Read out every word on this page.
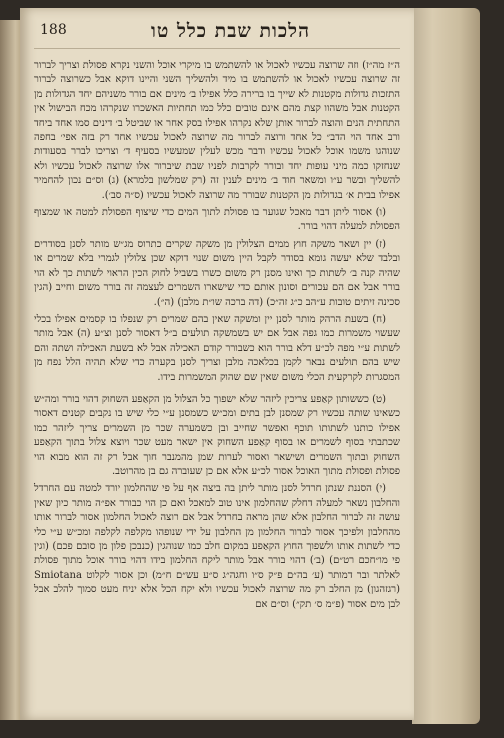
הלכות שבת כלל טו
188

ה״ז מה״ז) וזה שרוצה עכשיו לאכול או להשתמש בו מיקרי אוכל והשני נקרא פסולת וצריך לברור זה שרוצה עכשיו לאכול או להשתמש בו מיד ולהשליך השני והיינו דוקא אבל כשרוצה לברור התזכות גדולות מקטנות לא שייך בו ברירה כלל אפילו ב׳ מינים אם בורר משניהם יחד הגדולות מן הקטנות אבל משהוו קצת מהם אינם טובים כלל כמו תחתיות האשכרו שנקרהו מכח הבישול אין התחתית הנים והוצה לברור אותן שלא נקרהו אפילו בסק אחר או שביטל ב׳ דינים סמו אחד ביחד ורב אחד הוי הדב״ כל אחד ורוצה לברור מה שרוצה לאכול עכשיו אחד רק בזה אפי׳ בחפה שנוהגו משמו אוכל לאכול עכשיו ודבר מכש לעלין שמעשיו בסעיף ד׳ וצריכו לברר בסעודות שנחזקו כמה מיני עופות יחד ובורר לקרבות לפניו שבת שיברור אלו שרוצה לאכול עכשיו ולא להשליך ובשר ע״ו ומשאר חוד ב׳ מינים לענין זה (רק שמלשון בלמרא) (ג) וס״ם נכון להחמיר אפילו בבית א׳ בגדולות מן הקטנות שבורר מה שרוצה לאכול עכשיו (ס״ה סב׳).

(ו) אסור ליתן דבר מאכל שגוער בו פסולת לתוך המים כדי שיצוף הפסולת למטה או שמצוף הפסולת למעלה דהוי בורר.

(ז) יין ושאר משקה חוץ ממים הצלולין מן משקה שקרים כתרוס מג״ש מותר לסנן בסודרים ובלבד שלא יעשה גומא בסודר לקבל היין משום שנוי דוקא שכן צלולין לגמרי בלא שמרים או שהיה קנה ב׳ לשתות כך ואינו מסנן רק משום כשרו בשביל לחוק הכין הראוי לשתות כך לא הוי בורר אבל אם הם עכורים וסונון אותם כדי שישארו השמרים לעצמה זה בורר משום וחייב (הגין סכינה זיתים טובות ע״הב כ״ג זה״כ) (דה ברכה שו״ת מלבן) (ה״).

(ח) בשעת הרהק מותר לסנן יין ומשקה שאין בהם שמרים רק שנפלו בו קסמים אפילו בכלי שעשוי משמרות כמו גפה אבל אם יש בשמשקה תולעים ב״ל דאסור לסנן וצ״ע (ה) אבל מותר לשתות ע״י מפה לכ״ע דלא בורר הוא כשבורר קודם האכילה אבל לא בשעת האכילה ושתה והם שיש בהם תולעים נבאר לקמן בכלאכה מלבן וצריך לסנן בקערה כדי שלא תהיה הלל נפח מן המסגרות לקרקעית הכלי משום שאין שם שהוק המשמרות בידו.

(ט) כששותון קאַפע צריכין ליזהר שלא ישפוך כל הצלול מן הקאַפע השחוק דהוי בורר ומה״ש כשאינו שותה עכשיו רק שמסנן לבן בתים ומכ״ש כשמסנן ע״י כלי שיש בו נקבים קטנים דאסור אפילו כותנו לשתותו תוכף ואפשר שחייב ובן כשמערה שכר מן השמרים צריך ליזהר כמו שכתבתי בסוף לשמרים או בסוף קאַפע השחוק אין ישאר מעט שכר ויוצא צלול בתוך הקאַפע השחוק ובתוך השמרים ושישאר ואסור לערות שמן מהמנבר חוך אבל רק זה הוא מבוא הוי פסולת ופסולת מתוך האוכל אסור לכ״ע אלא אם כן שעוברה גם בן מהרוטב.

(י) הסננת שנתן חרדל לסנן מותר ליתן בה ביצה אף על פי שהחלמון יורד למטה עם החרדל והחלבון נשאר למעלה דחלק שהחלמון אינו טוב למאכל ואם כן הוי כבורר אפ״ה מותר כיון שאין עושה זה לברור החלבון אלא שהן מראה בחרדל אבל אם רוצה לאכול החלמון אסור לברור אותו מהחלבון ולפיכך אסור לברור החלמון מן החלבון על ידי שנופהו מקלפה לקלפה ומכ״ש ע״י כלי כדי לשתות אותו ולשפוך החוץ הקאַפע במקום חלב כמו שנוהגין (כנבכן פלון מן סובם פכם) (וגין פי מו״חכם רט״ם) (ב׳) דהוי בורר אבל מותר ליקח החלמון בידו דהוי בורר אוכל מתוך פסולת לאלתר ובר דמותר (ע׳ בה״ם פ״ק ס״ו וחגה״ג ס״ע עש״ם ח״מ) וכן אסור לקלוט Smiotana (רגזהגון) מן החלב רק מה שרוצה לאכול עכשיו ולא יקח הכל אלא יניח מעט סמוך להלב אבל לבן מים אסור (פ״מ ס׳ תק״) וס״ם אם
